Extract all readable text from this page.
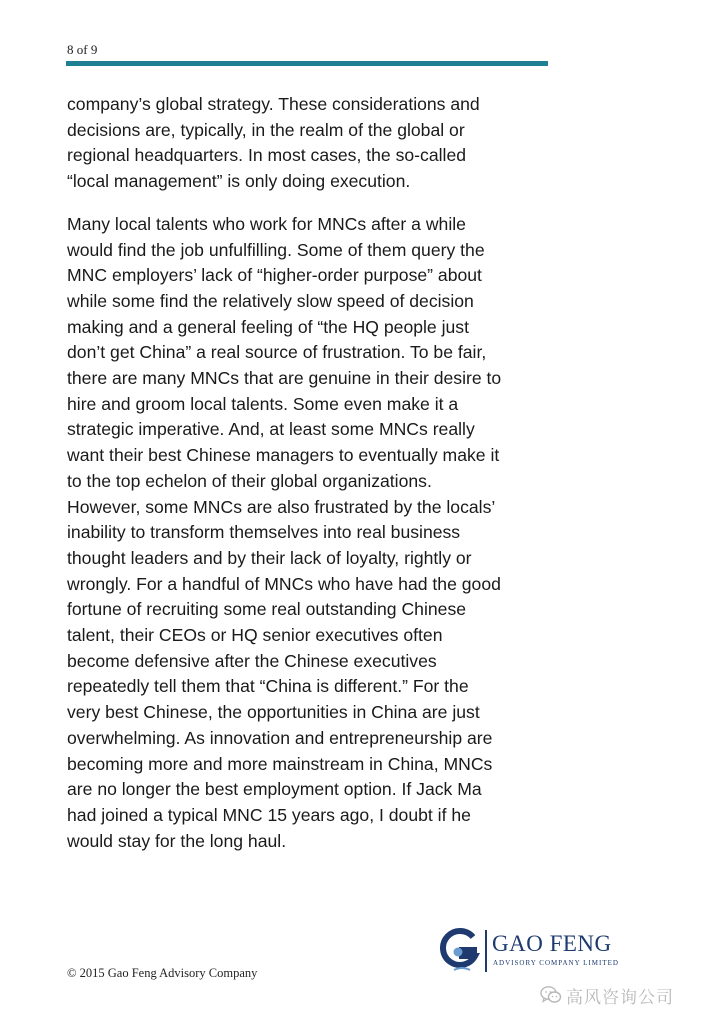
8 of 9

company’s global strategy. These considerations and
decisions are, typically, in the realm of the global or
regional headquarters. In most cases, the so-called
“local management” is only doing execution.

Many local talents who work for MNCs after a while
would find the job unfulfilling. Some of them query the
MNC employers’ lack of “higher-order purpose” about
while some find the relatively slow speed of decision
making and a general feeling of “the HQ people just
don’t get China” a real source of frustration. To be fair,
there are many MNCs that are genuine in their desire to
hire and groom local talents. Some even make it a
strategic imperative. And, at least some MNCs really
want their best Chinese managers to eventually make it
to the top echelon of their global organizations.
However, some MNCs are also frustrated by the locals’
inability to transform themselves into real business
thought leaders and by their lack of loyalty, rightly or
wrongly. For a handful of MNCs who have had the good
fortune of recruiting some real outstanding Chinese
talent, their CEOs or HQ senior executives often
become defensive after the Chinese executives
repeatedly tell them that “China is different.” For the
very best Chinese, the opportunities in China are just
overwhelming. As innovation and entrepreneurship are
becoming more and more mainstream in China, MNCs
are no longer the best employment option. If Jack Ma
had joined a typical MNC 15 years ago, I doubt if he
would stay for the long haul.

© 2015 Gao Feng Advisory Company
GAO FENG
ADVISORY COMPANY LIMITED
高风咨询公司
